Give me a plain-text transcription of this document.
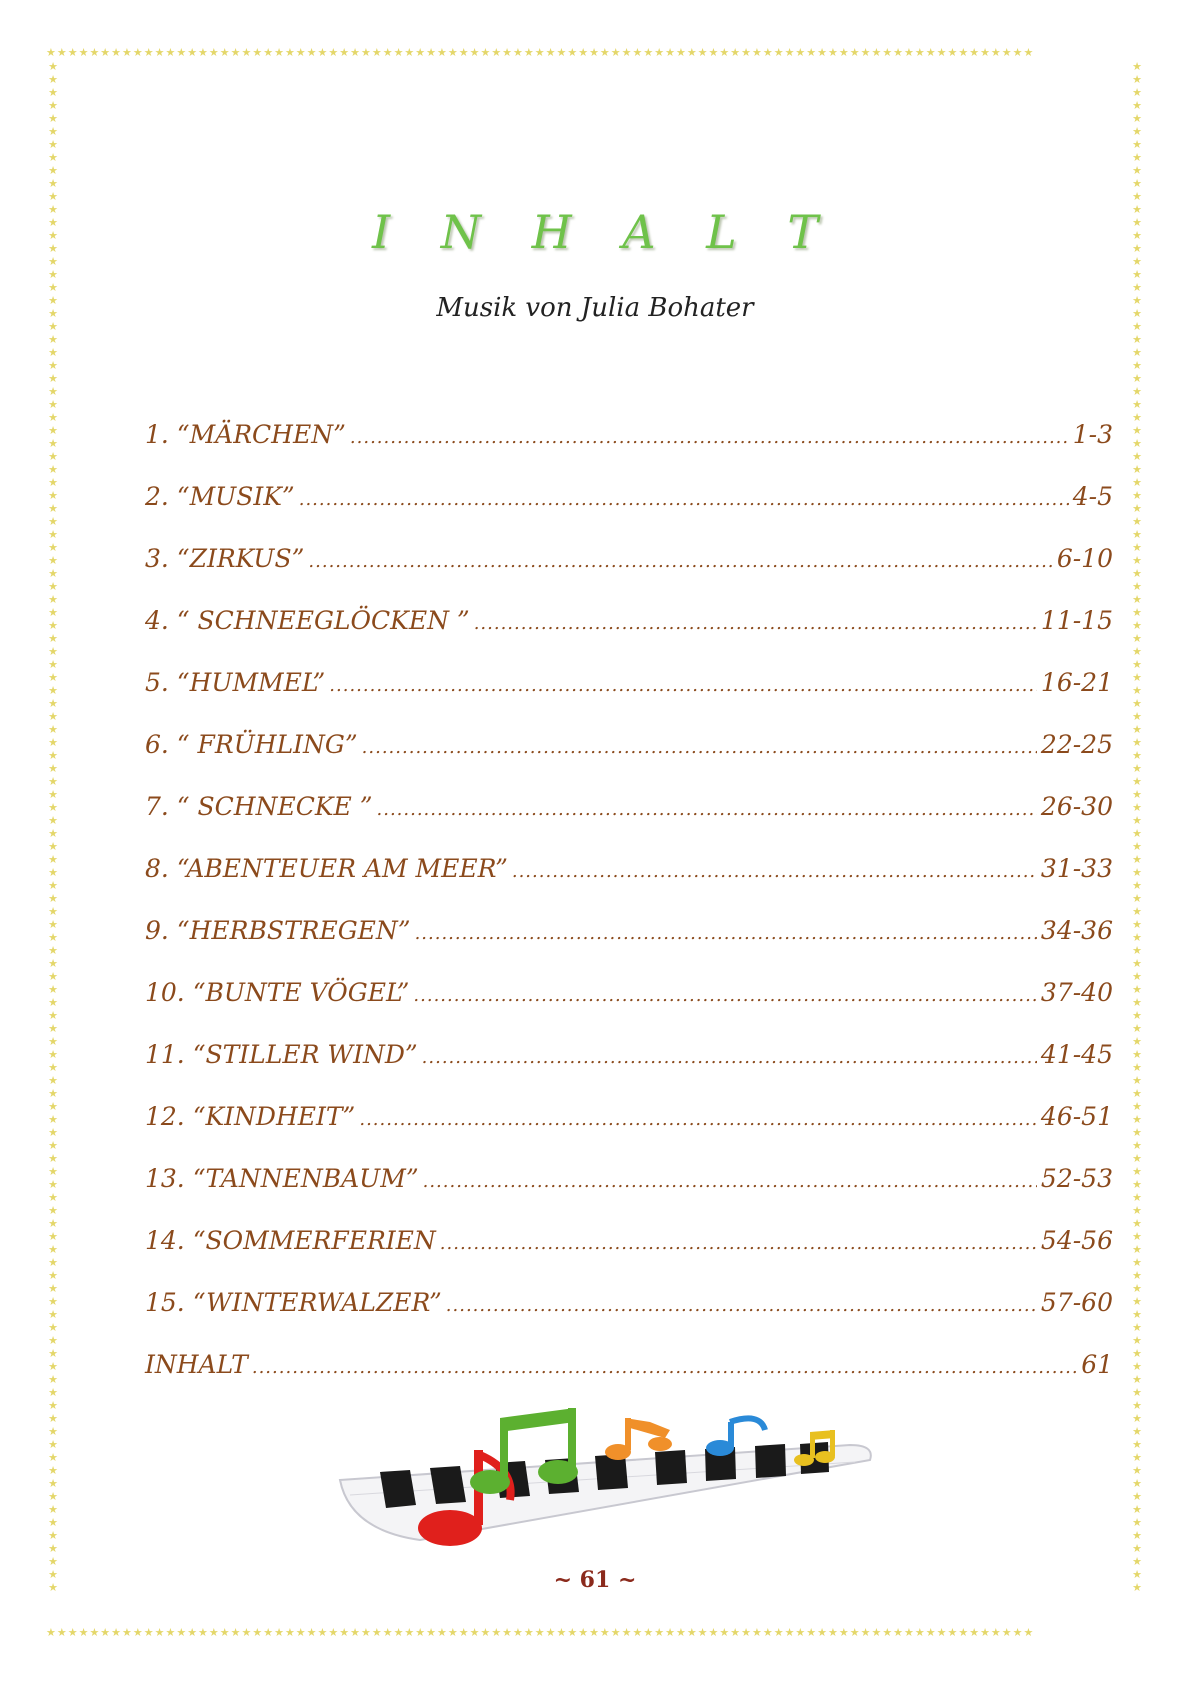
★★★★★★★★★★★★★★★★★★★★★★★★★★★★★★★★★★★★★★★★★★★★★★★★★★★★★★★★★★★★★★★★★★★★★★★★★★★★★★★★★★★★★★★★★★★
★★★★★★★★★★★★★★★★★★★★★★★★★★★★★★★★★★★★★★★★★★★★★★★★★★★★★★★★★★★★★★★★★★★★★★★★★★★★★★★★★★★★★★★★★★★
★★★★★★★★★★★★★★★★★★★★★★★★★★★★★★★★★★★★★★★★★★★★★★★★★★★★★★★★★★★★★★★★★★★★★★★★★★★★★★★★★★★★★★★★★★★★★★★★★★★★★★★★★★★★★★★★★★★★★★
★★★★★★★★★★★★★★★★★★★★★★★★★★★★★★★★★★★★★★★★★★★★★★★★★★★★★★★★★★★★★★★★★★★★★★★★★★★★★★★★★★★★★★★★★★★★★★★★★★★★★★★★★★★★★★★★★★★★★★
I N H A L T
Musik von Julia Bohater
1. “MÄRCHEN” .....	1-3
2. “MUSIK” .....	4-5
3. “ZIRKUS” .....	6-10
4. “ SCHNEEGLÖCKEN ” .....	11-15
5. “HUMMEL” .....	16-21
6. “ FRÜHLING” .....	22-25
7. “ SCHNECKE ” .....	26-30
8. “ABENTEUER AM MEER” .....	31-33
9. “HERBSTREGEN” .....	34-36
10. “BUNTE VÖGEL” .....	37-40
11. “STILLER WIND” .....	41-45
12. “KINDHEIT” .....	46-51
13. “TANNENBAUM” .....	52-53
14. “SOMMERFERIEN .....	54-56
15. “WINTERWALZER” .....	57-60
INHALT .....	61
~ 61 ~
